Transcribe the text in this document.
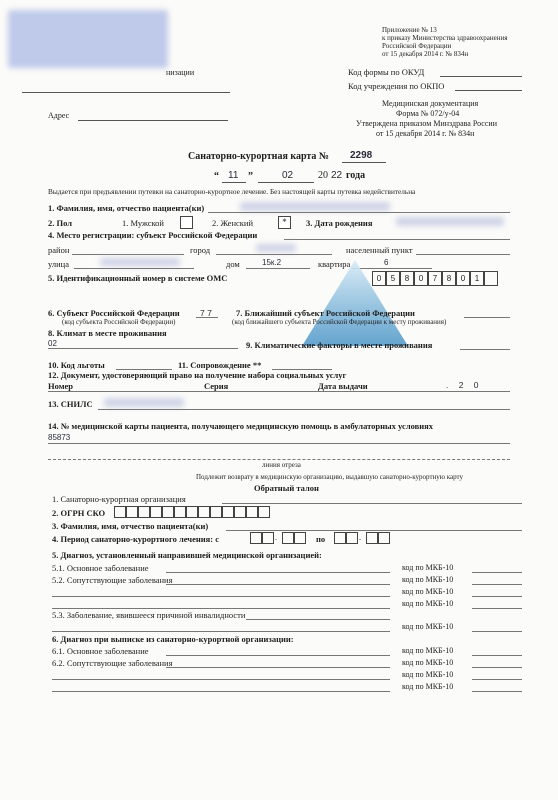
низации
Адрес
Приложение № 13
к приказу Министерства здравоохранения
Российской Федерации
от 15 декабря 2014 г. № 834н
Код формы по ОКУД
Код учреждения по ОКПО
Медицинская документация
Форма № 072/у-04
Утверждена приказом Минздрава России
от 15 декабря 2014 г. № 834н
Санаторно-курортная карта № 2298
“ 11 ”	02 20 22 года
Выдается при предъявлении путевки на санаторно-курортное лечение. Без настоящей карты путевка недействительна
1. Фамилия, имя, отчество пациента(ки)
2. Пол	1. Мужской	2. Женский	*	3. Дата рождения
4. Место регистрации: субъект Российской Федерации
район	город	населенный пункт
улица	дом	15к.2	квартира	6
5. Идентификационный номер в системе ОМС	0	5	8	0	7	8	0	1
6. Субъект Российской Федерации 7 7
(код субъекта Российской Федерации)
7. Ближайший субъект Российской Федерации
(код ближайшего субъекта Российской Федерации к месту проживания)
8. Климат в месте проживания
02	9. Климатические факторы в месте проживания
10. Код льготы	11. Сопровождение **
12. Документ, удостоверяющий право на получение набора социальных услуг
Номер	Серия	Дата выдачи	. 2 0
13. СНИЛС
14. № медицинской карты пациента, получающего медицинскую помощь в амбулаторных условиях
85873
линия отреза
Подлежит возврату в медицинскую организацию, выдавшую санаторно-курортную карту
Обратный талон
1. Санаторно-курортная организация
2. ОГРН СКО
3. Фамилия, имя, отчество пациента(ки)
4. Период санаторно-курортного лечения: с	.	по	.
5. Диагноз, установленный направившей медицинской организацией:
5.1. Основное заболевание	код по МКБ-10
5.2. Сопутствующие заболевания	код по МКБ-10
код по МКБ-10
код по МКБ-10
5.3. Заболевание, явившееся причиной инвалидности
код по МКБ-10
6. Диагноз при выписке из санаторно-курортной организации:
6.1. Основное заболевание	код по МКБ-10
6.2. Сопутствующие заболевания	код по МКБ-10
код по МКБ-10
код по МКБ-10
